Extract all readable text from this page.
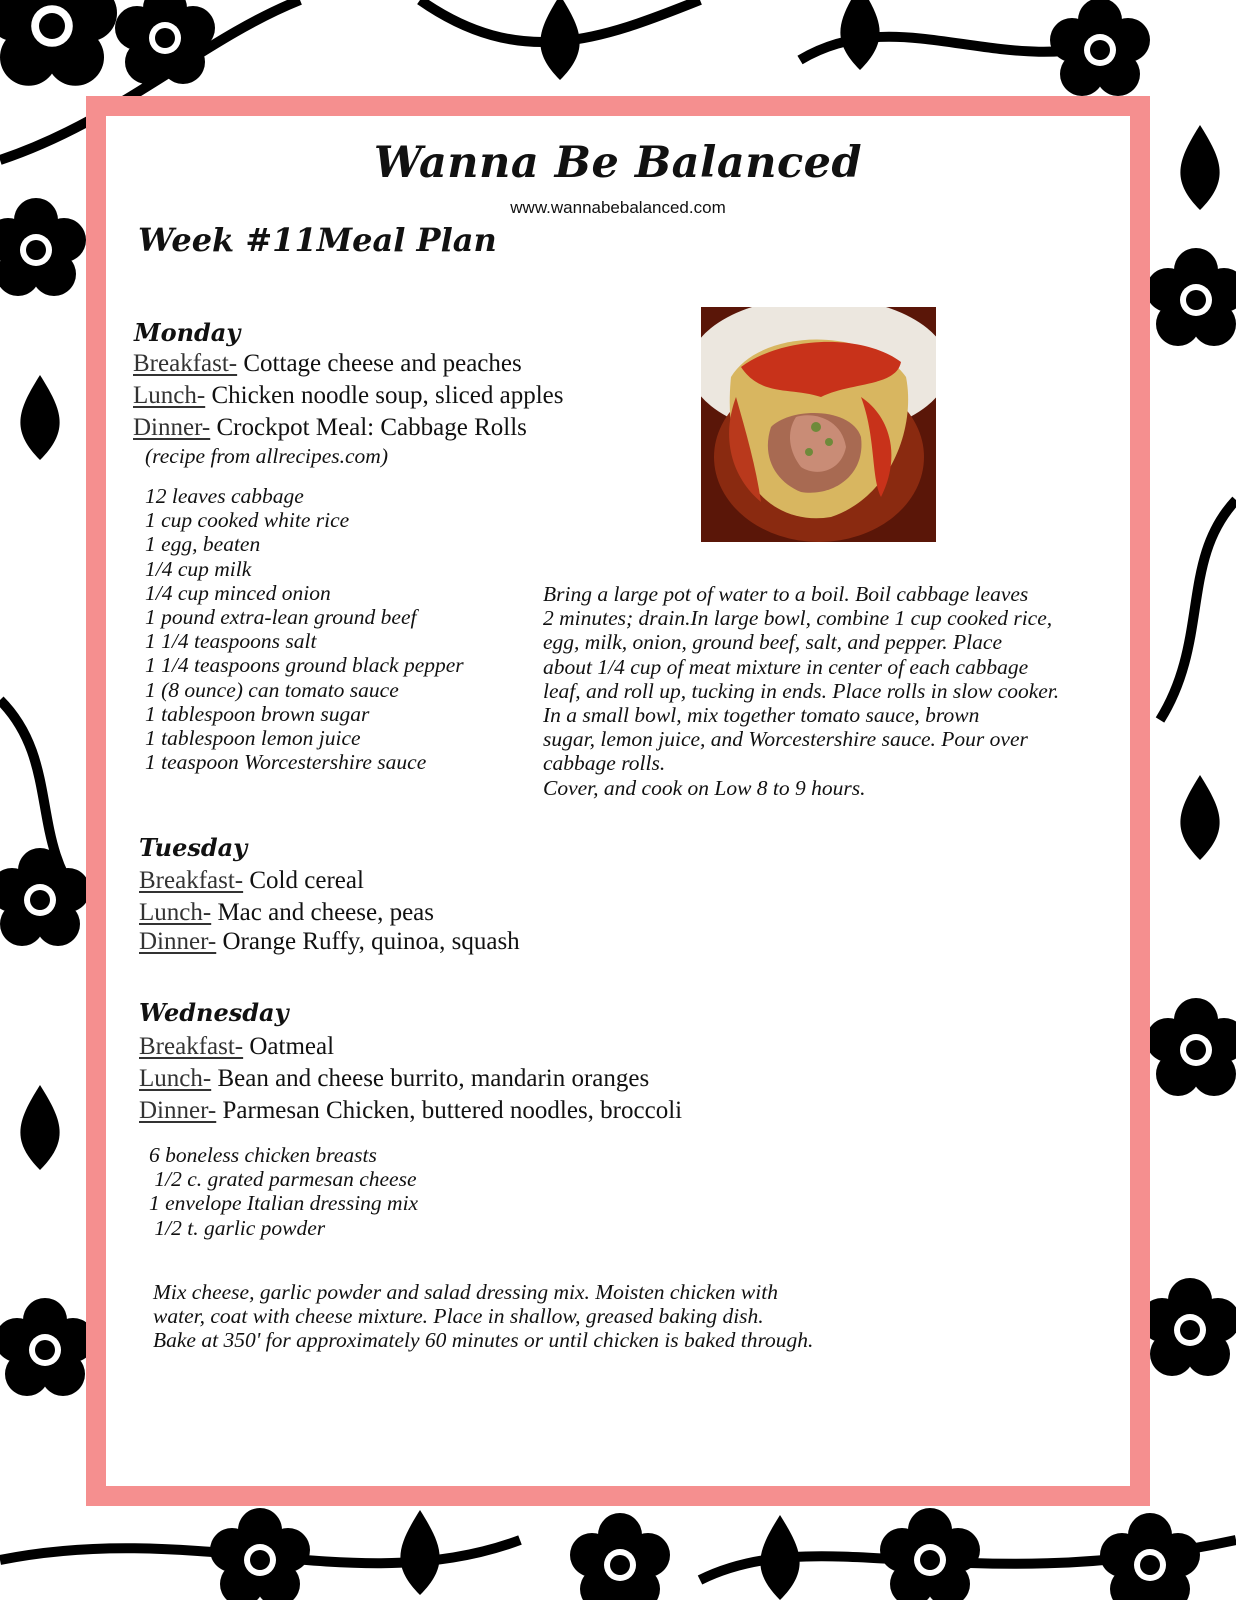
Wanna Be Balanced
www.wannabebalanced.com
Week #11Meal Plan
Monday
Breakfast- Cottage cheese and peaches
Lunch- Chicken noodle soup, sliced apples
Dinner- Crockpot Meal: Cabbage Rolls
(recipe from allrecipes.com)
12 leaves cabbage
1 cup cooked white rice
1 egg, beaten
1/4 cup milk
1/4 cup minced onion
1 pound extra-lean ground beef
1 1/4 teaspoons salt
1 1/4 teaspoons ground black pepper
1 (8 ounce) can tomato sauce
1 tablespoon brown sugar
1 tablespoon lemon juice
1 teaspoon Worcestershire sauce

Bring a large pot of water to a boil. Boil cabbage leaves

2 minutes; drain.In large bowl, combine 1 cup cooked rice,

egg, milk, onion, ground beef, salt, and pepper. Place

about 1/4 cup of meat mixture in center of each cabbage

leaf, and roll up, tucking in ends. Place rolls in slow cooker.

In a small bowl, mix together tomato sauce, brown

sugar, lemon juice, and Worcestershire sauce. Pour over

cabbage rolls.

Cover, and cook on Low 8 to 9 hours.

Tuesday
Breakfast- Cold cereal
Lunch- Mac and cheese, peas
Dinner- Orange Ruffy, quinoa, squash
Wednesday
Breakfast- Oatmeal
Lunch- Bean and cheese burrito, mandarin oranges
Dinner- Parmesan Chicken, buttered noodles, broccoli
6 boneless chicken breasts
1/2 c. grated parmesan cheese
1 envelope Italian dressing mix
1/2 t. garlic powder

Mix cheese, garlic powder and salad dressing mix. Moisten chicken with

water, coat with cheese mixture. Place in shallow, greased baking dish.

Bake at 350' for approximately 60 minutes or until chicken is baked through.
